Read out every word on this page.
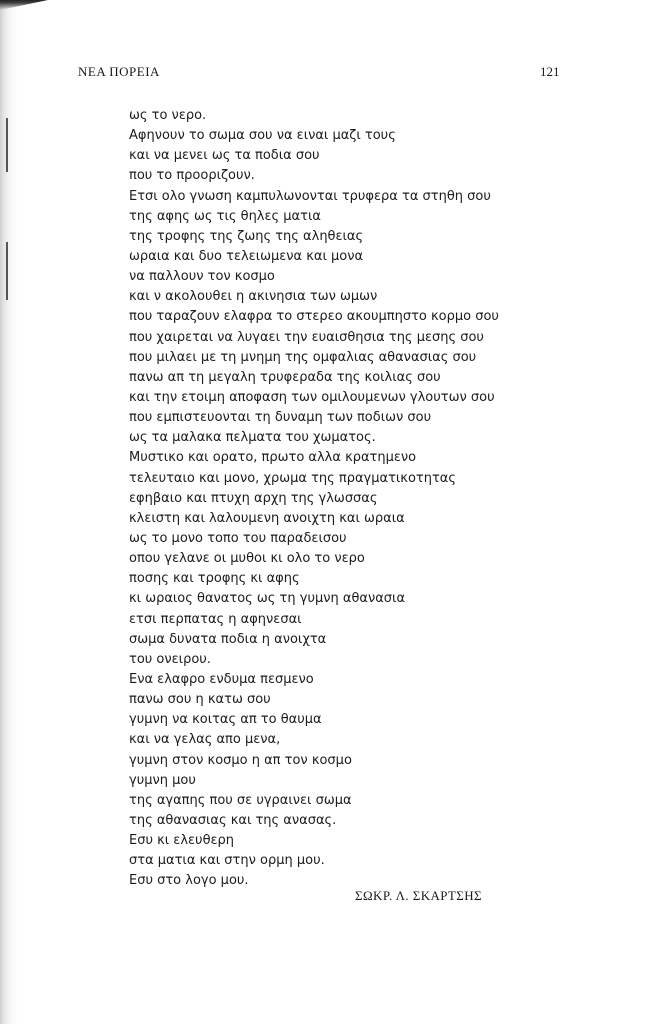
ΝΕΑ ΠΟΡΕΙΑ	121
ως το νερο.
Αφηνουν το σωμα σου να ειναι μαζι τους
και να μενει ως τα ποδια σου
που το προοριζουν.
Ετσι ολο γνωση καμπυλωνονται τρυφερα τα στηθη σου
της αφης ως τις θηλες ματια
της τροφης της ζωης της αληθειας
ωραια και δυο τελειωμενα και μονα
να παλλουν τον κοσμο
και ν ακολουθει η ακινησια των ωμων
που ταραζουν ελαφρα το στερεο ακουμπηστο κορμο σου
που χαιρεται να λυγαει την ευαισθησια της μεσης σου
που μιλαει με τη μνημη της ομφαλιας αθανασιας σου
πανω απ τη μεγαλη τρυφεραδα της κοιλιας σου
και την ετοιμη αποφαση των ομιλουμενων γλουτων σου
που εμπιστευονται τη δυναμη των ποδιων σου
ως τα μαλακα πελματα του χωματος.
Μυστικο και ορατο, πρωτο αλλα κρατημενο
τελευταιο και μονο, χρωμα της πραγματικοτητας
εφηβαιο και πτυχη αρχη της γλωσσας
κλειστη και λαλουμενη ανοιχτη και ωραια
ως το μονο τοπο του παραδεισου
οπου γελανε οι μυθοι κι ολο το νερο
ποσης και τροφης κι αφης
κι ωραιος θανατος ως τη γυμνη αθανασια
ετσι περπατας η αφηνεσαι
σωμα δυνατα ποδια η ανοιχτα
του ονειρου.
Ενα ελαφρο ενδυμα πεσμενο
πανω σου η κατω σου
γυμνη να κοιτας απ το θαυμα
και να γελας απο μενα,
γυμνη στον κοσμο η απ τον κοσμο
γυμνη μου
της αγαπης που σε υγραινει σωμα
της αθανασιας και της ανασας.
Εσυ κι ελευθερη
στα ματια και στην ορμη μου.
Εσυ στο λογο μου.
ΣΩΚΡ. Λ. ΣΚΑΡΤΣΗΣ
